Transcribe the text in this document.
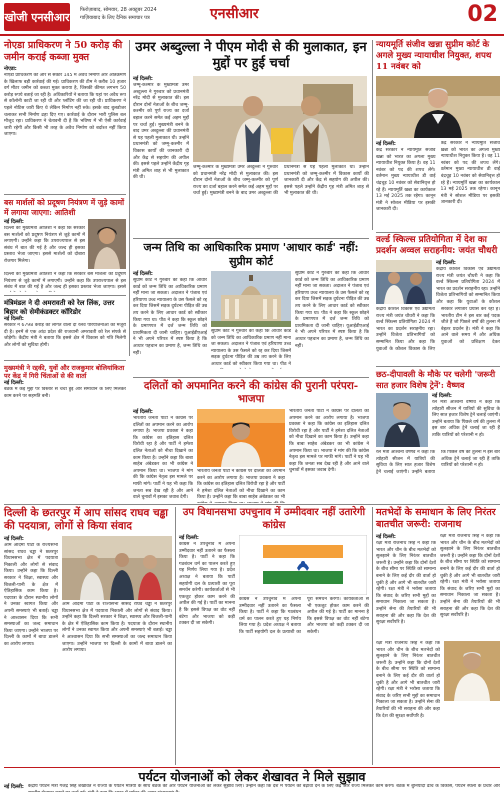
खोजी एनसीआर
फिरोज़ाबाद, सोमवार, 28 अक्टूबर 2024
गाज़ियाबाद के लिए दैनिक समाचार पत्र	एनसीआर	02
नोएडा प्राधिकरण ने 50 करोड़ की जमीन कराई कब्जा मुक्त
नोएडा:
नोएडा प्राधिकरण की ओर से सेक्टर 145 में अवैध निर्माण और अतिक्रमण के खिलाफ बड़ी कार्रवाई की गई। प्राधिकरण की टीम ने करीब 10 हजार वर्ग मीटर जमीन को कब्जा मुक्त कराया है, जिसकी कीमत लगभग 50 करोड़ रुपये बताई जा रही है। अधिकारियों ने बताया कि यहां पर अवैध रूप से कॉलोनी काटी जा रही थी और प्लॉटिंग की जा रही थी। प्राधिकरण ने पहले नोटिस जारी किए थे लेकिन निर्माण नहीं रुके। इसके बाद बुलडोजर चलाकर सभी निर्माण ढहा दिए गए। कार्रवाई के दौरान भारी पुलिस बल मौजूद रहा। प्राधिकरण ने चेतावनी दी है कि भविष्य में भी ऐसी कार्रवाई जारी रहेगी और किसी भी तरह के अवैध निर्माण को बर्दाश्त नहीं किया जाएगा।
बस मार्शलों को प्रदूषण नियंत्रण में जुड़े कामों में लगाया जाएगा: आतिशी
नई दिल्ली:
दिल्ली की मुख्यमंत्री आतिशी ने कहा कि सरकार बस मार्शलों को प्रदूषण नियंत्रण से जुड़े कामों में लगाएगी। उन्होंने कहा कि उपराज्यपाल से इस संबंध में बात की गई है और जल्द ही इसका प्रस्ताव भेजा जाएगा। इससे मार्शलों को दोबारा रोजगार मिलेगा।
दिल्ली की मुख्यमंत्री आतिशी ने कहा कि सरकार बस मार्शलों को प्रदूषण नियंत्रण से जुड़े कामों में लगाएगी। उन्होंने कहा कि उपराज्यपाल से इस संबंध में बात की गई है और जल्द ही इसका प्रस्ताव भेजा जाएगा। इससे
मंत्रिमंडल ने दी अमरावती को रेल लिंक, उत्तर बिहार को सेमीकंडक्टर कॉरिडोर
नई दिल्ली:
सरकार ने 6798 करोड़ की लागत वाली दो रेलवे परियोजनाओं को मंजूरी दी है। इनमें से एक आंध्र प्रदेश की राजधानी अमरावती को रेल संपर्क से जोड़ेगी। केंद्रीय मंत्री ने बताया कि इससे क्षेत्र में विकास को गति मिलेगी और लोगों को सुविधा होगी।
मुख्यमंत्री ने रद्दकी, युवों और राजकुमार बोलियांकिता पर केंद्र में गिरी चिंताओं से की वार्ता
नई दिल्ली:
बैठक में कई मुद्दों पर विस्तार से चर्चा हुई और समाधान के लिए मिलकर काम करने पर सहमति बनी।
उमर अब्दुल्ला ने पीएम मोदी से की मुलाकात, इन मुद्दों पर हुई चर्चा
नई दिल्ली:
जम्मू-कश्मीर के मुख्यमंत्री उमर अब्दुल्ला ने गुरुवार को प्रधानमंत्री नरेंद्र मोदी से मुलाकात की। इस दौरान दोनों नेताओं के बीच जम्मू-कश्मीर को पूर्ण राज्य का दर्जा बहाल करने समेत कई अहम मुद्दों पर चर्चा हुई। मुख्यमंत्री बनने के बाद उमर अब्दुल्ला की प्रधानमंत्री से यह पहली मुलाकात थी। उन्होंने प्रधानमंत्री को जम्मू-कश्मीर में विकास कार्यों की जानकारी दी और केंद्र से सहयोग की अपील की। इससे पहले उन्होंने केंद्रीय गृह मंत्री अमित शाह से भी मुलाकात की थी।
जम्मू-कश्मीर के मुख्यमंत्री उमर अब्दुल्ला ने गुरुवार को प्रधानमंत्री नरेंद्र मोदी से मुलाकात की। इस दौरान दोनों नेताओं के बीच जम्मू-कश्मीर को पूर्ण राज्य का दर्जा बहाल करने समेत कई अहम मुद्दों पर चर्चा हुई। मुख्यमंत्री बनने के बाद उमर अब्दुल्ला की प्रधानमंत्री से यह पहली मुलाकात थी। उन्होंने प्रधानमंत्री को जम्मू-कश्मीर में विकास कार्यों की जानकारी दी और केंद्र से सहयोग की अपील की। इससे पहले उन्होंने केंद्रीय गृह मंत्री अमित शाह से भी मुलाकात की थी।
जन्म तिथि का आधिकारिक प्रमाण 'आधार कार्ड' नहीं: सुप्रीम कोर्ट
नई दिल्ली:
सुप्रीम कोर्ट ने गुरुवार को कहा कि आधार कार्ड को जन्म तिथि का आधिकारिक प्रमाण नहीं माना जा सकता। अदालत ने पंजाब एवं हरियाणा उच्च न्यायालय के उस फैसले को रद्द कर दिया जिसमें सड़क दुर्घटना पीड़ित की उम्र तय करने के लिए आधार कार्ड को स्वीकार किया गया था। पीठ ने कहा कि स्कूल छोड़ने के प्रमाणपत्र में दर्ज जन्म तिथि को प्राथमिकता दी जानी चाहिए। यूआईडीएआई ने भी अपने परिपत्र में स्पष्ट किया है कि आधार पहचान का प्रमाण है, जन्म तिथि का नहीं।
सुप्रीम कोर्ट ने गुरुवार को कहा कि आधार कार्ड को जन्म तिथि का आधिकारिक प्रमाण नहीं माना जा सकता। अदालत ने पंजाब एवं हरियाणा उच्च न्यायालय के उस फैसले को रद्द कर दिया जिसमें सड़क दुर्घटना पीड़ित की उम्र तय करने के लिए आधार कार्ड को स्वीकार किया गया था। पीठ ने
सुप्रीम कोर्ट ने गुरुवार को कहा कि आधार कार्ड को जन्म तिथि का आधिकारिक प्रमाण नहीं माना जा सकता। अदालत ने पंजाब एवं हरियाणा उच्च न्यायालय के उस फैसले को रद्द कर दिया जिसमें सड़क दुर्घटना पीड़ित की उम्र तय करने के लिए आधार कार्ड को स्वीकार किया गया था। पीठ ने कहा कि स्कूल छोड़ने के प्रमाणपत्र में दर्ज जन्म तिथि को प्राथमिकता दी जानी चाहिए। यूआईडीएआई ने भी अपने परिपत्र में स्पष्ट किया है कि आधार पहचान का प्रमाण है, जन्म तिथि का नहीं।
न्यायमूर्ति संजीव खन्ना सुप्रीम कोर्ट के अगले मुख्य न्यायाधीश नियुक्त, शपथ 11 नवंबर को
नई दिल्ली:
केंद्र सरकार ने न्यायमूर्ति संजीव खन्ना को भारत का अगला मुख्य न्यायाधीश नियुक्त किया है। वह 11 नवंबर को पद की शपथ लेंगे। वर्तमान मुख्य न्यायाधीश डी वाई चंद्रचूड़ 10 नवंबर को सेवानिवृत्त हो रहे हैं। न्यायमूर्ति खन्ना का कार्यकाल 13 मई 2025 तक रहेगा। कानून मंत्री ने सोशल मीडिया पर इसकी जानकारी दी।
केंद्र सरकार ने न्यायमूर्ति संजीव खन्ना को भारत का अगला मुख्य न्यायाधीश नियुक्त किया है। वह 11 नवंबर को पद की शपथ लेंगे। वर्तमान मुख्य न्यायाधीश डी वाई चंद्रचूड़ 10 नवंबर को सेवानिवृत्त हो रहे हैं। न्यायमूर्ति खन्ना का कार्यकाल 13 मई 2025 तक रहेगा। कानून मंत्री ने सोशल मीडिया पर इसकी जानकारी दी।
वर्ल्ड स्किल्स प्रतियोगिता में देश का प्रदर्शन अव्वल सराहनीय: जयंत चौधरी
नई दिल्ली:
केंद्रीय कौशल विकास एवं उद्यमिता राज्य मंत्री जयंत चौधरी ने कहा कि वर्ल्ड स्किल्स प्रतियोगिता 2024 में भारत का प्रदर्शन सराहनीय रहा। उन्होंने विजेता प्रतिभागियों को सम्मानित किया और कहा कि युवाओं के कौशल
केंद्रीय कौशल विकास एवं उद्यमिता राज्य मंत्री जयंत चौधरी ने कहा कि वर्ल्ड स्किल्स प्रतियोगिता 2024 में भारत का प्रदर्शन सराहनीय रहा। उन्होंने विजेता प्रतिभागियों को सम्मानित किया और कहा कि युवाओं के कौशल विकास के लिए सरकार लगातार प्रयास कर रही है। भारतीय टीम ने इस बार कई पदक जीते हैं जो पिछले वर्षों की तुलना में बेहतर प्रदर्शन है। मंत्री ने कहा कि आने वाले समय में और अधिक युवाओं को प्रशिक्षण देकर
छठ-दीपावली के मौके पर चलेगी 'जरूरी सात हजार विशेष ट्रेनें': वैष्णव
नई दिल्ली:
रेल मंत्री अश्विनी वैष्णव ने कहा कि त्योहारी सीजन में यात्रियों की सुविधा के लिए सात हजार विशेष ट्रेनें चलाई जाएंगी। उन्होंने बताया कि पिछले वर्ष की तुलना में इस बार अधिक ट्रेनें चलाई जा रही हैं ताकि यात्रियों को परेशानी न हो।
रेल मंत्री अश्विनी वैष्णव ने कहा कि त्योहारी सीजन में यात्रियों की सुविधा के लिए सात हजार विशेष ट्रेनें चलाई जाएंगी। उन्होंने बताया कि पिछले वर्ष की तुलना में इस बार अधिक ट्रेनें चलाई जा रही हैं ताकि यात्रियों को परेशानी न हो।
दलितों को अपमानित करने की कांग्रेस की पुरानी परंपरा-भाजपा
नई दिल्ली:
भारतीय जनता पार्टी ने कांग्रेस पर दलितों का अपमान करने का आरोप लगाया है। भाजपा प्रवक्ता ने कहा कि कांग्रेस का इतिहास दलित विरोधी रहा है और पार्टी ने हमेशा दलित नेताओं को नीचा दिखाने का काम किया है। उन्होंने कहा कि बाबा साहेब अंबेडकर का भी कांग्रेस ने अपमान किया था। भाजपा ने मांग की कि कांग्रेस नेतृत्व इस मामले पर माफी मांगे। पार्टी ने यह भी कहा कि जनता सब देख रही है और आने वाले चुनावों में इसका जवाब देगी।
भारतीय जनता पार्टी ने कांग्रेस पर दलितों का अपमान करने का आरोप लगाया है। भाजपा प्रवक्ता ने कहा कि कांग्रेस का इतिहास दलित विरोधी रहा है और पार्टी ने हमेशा दलित नेताओं को नीचा दिखाने का काम किया है। उन्होंने कहा कि बाबा साहेब अंबेडकर का भी
भारतीय जनता पार्टी ने कांग्रेस पर दलितों का अपमान करने का आरोप लगाया है। भाजपा प्रवक्ता ने कहा कि कांग्रेस का इतिहास दलित विरोधी रहा है और पार्टी ने हमेशा दलित नेताओं को नीचा दिखाने का काम किया है। उन्होंने कहा कि बाबा साहेब अंबेडकर का भी कांग्रेस ने अपमान किया था। भाजपा ने मांग की कि कांग्रेस नेतृत्व इस मामले पर माफी मांगे। पार्टी ने यह भी कहा कि जनता सब देख रही है और आने वाले चुनावों में इसका जवाब देगी।
दिल्ली के छतरपुर में आप सांसद राघव चड्ढा की पदयात्रा, लोगों से किया संवाद
नई दिल्ली:
आम आदमी पार्टी के राज्यसभा सांसद राघव चड्ढा ने छतरपुर विधानसभा क्षेत्र में पदयात्रा निकाली और लोगों से संवाद किया। उन्होंने कहा कि दिल्ली सरकार ने शिक्षा, स्वास्थ्य और बिजली-पानी के क्षेत्र में ऐतिहासिक काम किया है। पदयात्रा के दौरान स्थानीय लोगों ने उनका स्वागत किया और अपनी समस्याएं भी बताईं। चड्ढा ने आश्वासन दिया कि सभी समस्याओं का जल्द समाधान किया जाएगा। उन्होंने भाजपा पर दिल्ली के कामों में बाधा डालने का आरोप लगाया।
आम आदमी पार्टी के राज्यसभा सांसद राघव चड्ढा ने छतरपुर विधानसभा क्षेत्र में पदयात्रा निकाली और लोगों से संवाद किया। उन्होंने कहा कि दिल्ली सरकार ने शिक्षा, स्वास्थ्य और बिजली-पानी के क्षेत्र में ऐतिहासिक काम किया है। पदयात्रा के दौरान स्थानीय लोगों ने उनका स्वागत किया और अपनी समस्याएं भी बताईं। चड्ढा ने आश्वासन दिया कि सभी समस्याओं का जल्द समाधान किया जाएगा। उन्होंने भाजपा पर दिल्ली के कामों में बाधा डालने का आरोप लगाया।
उप विधानसभा उपचुनाव में उम्मीदवार नहीं उतारेगी कांग्रेस
नई दिल्ली:
कांग्रेस ने उपचुनाव में अपना उम्मीदवार नहीं उतारने का फैसला किया है। पार्टी ने कहा कि गठबंधन धर्म का पालन करते हुए यह निर्णय लिया गया है। प्रदेश अध्यक्ष ने बताया कि पार्टी सहयोगी दल के प्रत्याशी का पूरा समर्थन करेगी। कार्यकर्ताओं से भी एकजुट होकर काम करने की अपील की गई है। पार्टी का मानना है कि इससे विपक्ष का वोट नहीं बंटेगा और भाजपा को कड़ी टक्कर दी जा सकेगी।
कांग्रेस ने उपचुनाव में अपना उम्मीदवार नहीं उतारने का फैसला किया है। पार्टी ने कहा कि गठबंधन धर्म का पालन करते हुए यह निर्णय लिया गया है। प्रदेश अध्यक्ष ने बताया कि पार्टी सहयोगी दल के प्रत्याशी का पूरा समर्थन करेगी। कार्यकर्ताओं से भी एकजुट होकर काम करने की अपील की गई है। पार्टी का मानना है कि इससे विपक्ष का वोट नहीं बंटेगा और भाजपा को कड़ी टक्कर दी जा सकेगी।
मतभेदों के समाधान के लिए निरंतर बातचीत जरूरी: राजनाथ
नई दिल्ली:
रक्षा मंत्री राजनाथ सिंह ने कहा कि भारत और चीन के बीच मतभेदों को सुलझाने के लिए निरंतर बातचीत जरूरी है। उन्होंने कहा कि दोनों देशों के बीच सीमा पर स्थिति को सामान्य बनाने के लिए कई दौर की वार्ता हो चुकी है और आगे भी बातचीत जारी रहेगी। रक्षा मंत्री ने भरोसा जताया कि संवाद के जरिए सभी मुद्दों का समाधान निकाला जा सकता है। उन्होंने सेना की तैयारियों की भी सराहना की और कहा कि देश की सुरक्षा सर्वोपरि है।
रक्षा मंत्री राजनाथ सिंह ने कहा कि भारत और चीन के बीच मतभेदों को सुलझाने के लिए निरंतर बातचीत जरूरी है। उन्होंने कहा कि दोनों देशों के बीच सीमा पर स्थिति को सामान्य बनाने के लिए कई दौर की वार्ता हो चुकी है और आगे भी बातचीत जारी रहेगी। रक्षा मंत्री ने भरोसा जताया कि संवाद के जरिए सभी मुद्दों का समाधान निकाला जा सकता है। उन्होंने सेना की तैयारियों की भी सराहना की और कहा कि देश की सुरक्षा सर्वोपरि है।
रक्षा मंत्री राजनाथ सिंह ने कहा कि भारत और चीन के बीच मतभेदों को सुलझाने के लिए निरंतर बातचीत जरूरी है। उन्होंने कहा कि दोनों देशों के बीच सीमा पर स्थिति को सामान्य बनाने के लिए कई दौर की वार्ता हो चुकी है और आगे भी बातचीत जारी रहेगी। रक्षा मंत्री ने भरोसा जताया कि संवाद के जरिए सभी मुद्दों का समाधान निकाला जा सकता है। उन्होंने सेना की तैयारियों की भी सराहना की और कहा कि देश की सुरक्षा सर्वोपरि है।
पर्यटन योजनाओं को लेकर शेखावत ने मिले सुझाव
नई दिल्ली: केंद्रीय पर्यटन मंत्री गजेंद्र सिंह शेखावत ने राज्यों के पर्यटन मंत्रियों के साथ बैठक की और पर्यटन योजनाओं को लेकर सुझाव लिए। उन्होंने कहा कि देश में पर्यटन को बढ़ावा देने के लिए केंद्र और राज्य मिलकर काम करेंगे। बैठक में बुनियादी ढांचे के विकास, पर्यटन स्थलों के प्रचार और
